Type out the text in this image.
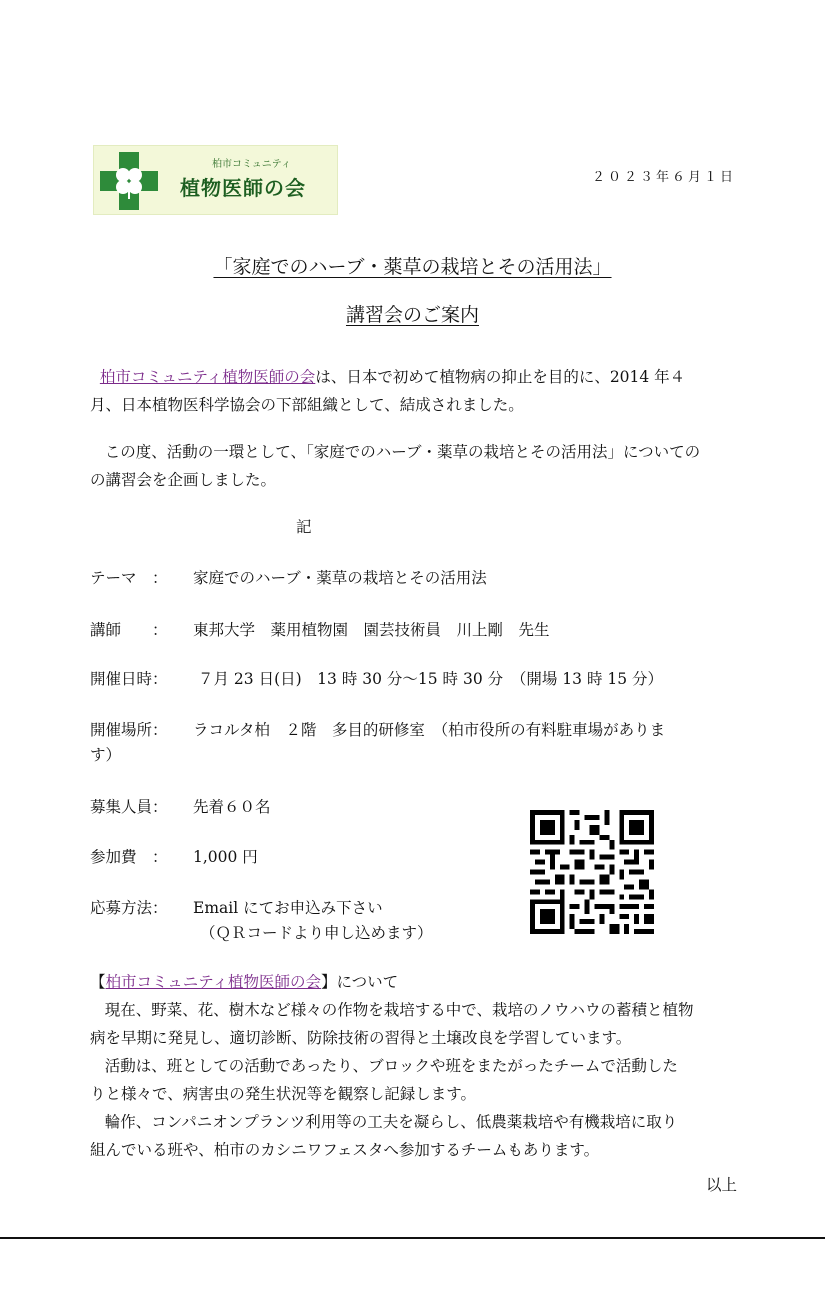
柏市コミュニティ
植物医師の会	２０２３年６月１日
「家庭でのハーブ・薬草の栽培とその活用法」
講習会のご案内
柏市コミュニティ植物医師の会は、日本で初めて植物病の抑止を目的に、2014 年４
月、日本植物医科学協会の下部組織として、結成されました。
この度、活動の一環として、「家庭でのハーブ・薬草の栽培とその活用法」についての
の講習会を企画しました。
記
テーマ　： 家庭でのハーブ・薬草の栽培とその活用法
講師　　： 東邦大学　薬用植物園　園芸技術員　川上剛　先生
開催日時： ７月 23 日(日)　13 時 30 分～15 時 30 分　（開場 13 時 15 分）
開催場所： ラコルタ柏　２階　多目的研修室　（柏市役所の有料駐車場がありま
す）
募集人員： 先着６０名
参加費　： 1,000 円
応募方法： Email にてお申込み下さい
（ＱＲコードより申し込めます）
【柏市コミュニティ植物医師の会】について
現在、野菜、花、樹木など様々の作物を栽培する中で、栽培のノウハウの蓄積と植物
病を早期に発見し、適切診断、防除技術の習得と土壌改良を学習しています。
活動は、班としての活動であったり、ブロックや班をまたがったチームで活動した
りと様々で、病害虫の発生状況等を観察し記録します。
輪作、コンパニオンプランツ利用等の工夫を凝らし、低農薬栽培や有機栽培に取り
組んでいる班や、柏市のカシニワフェスタへ参加するチームもあります。
以上
